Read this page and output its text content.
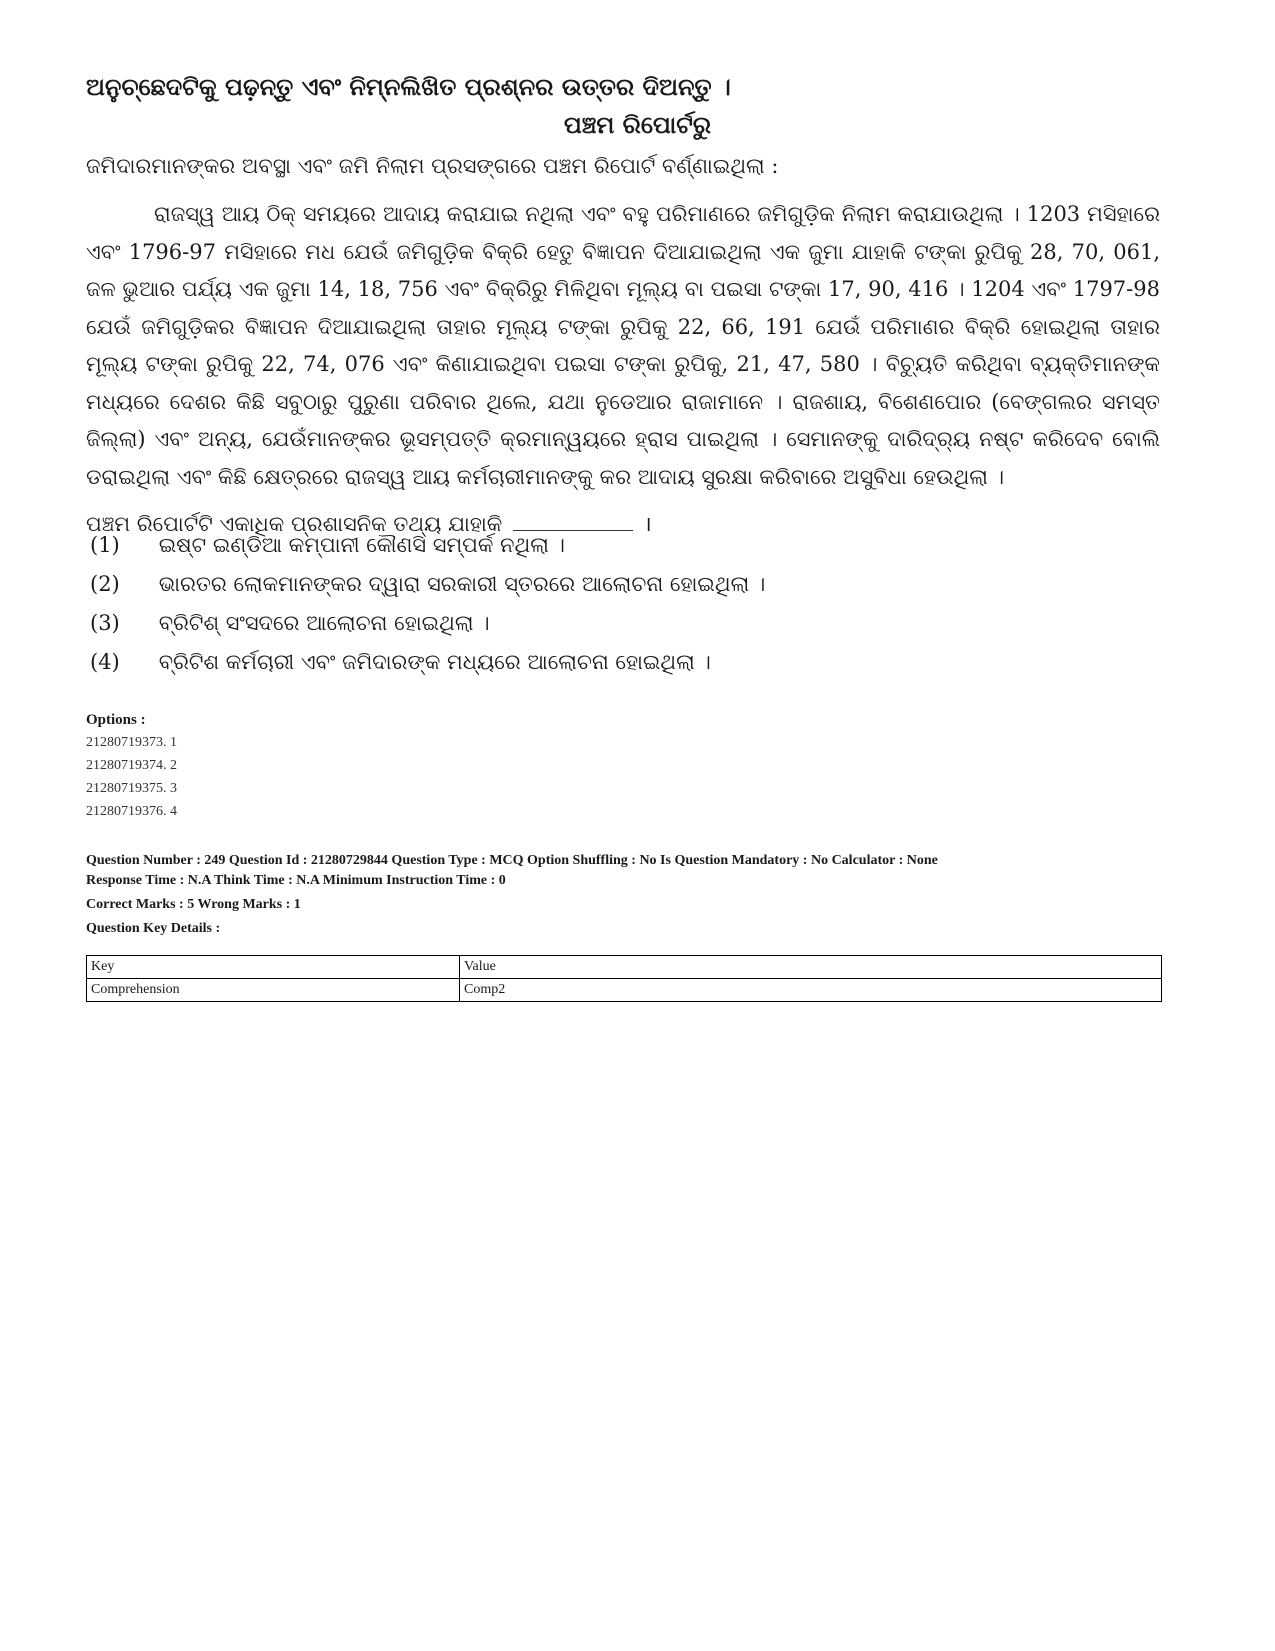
ଅନୁଚ୍ଛେଦଟିକୁ ପଢ଼ନ୍ତୁ ଏବଂ ନିମ୍ନଲିଖିତ ପ୍ରଶ୍ନର ଉତ୍ତର ଦିଅନ୍ତୁ ।
ପଞ୍ଚମ ରିପୋର୍ଟରୁ
ଜମିଦାରମାନଙ୍କର ଅବସ୍ଥା ଏବଂ ଜମି ନିଲାମ ପ୍ରସଙ୍ଗରେ ପଞ୍ଚମ ରିପୋର୍ଟ ବର୍ଣ୍ଣାଇଥିଲା :
ରାଜସ୍ୱ ଆୟ ଠିକ୍ ସମୟରେ ଆଦାୟ କରାଯାଇ ନଥିଲା ଏବଂ ବହୁ ପରିମାଣରେ ଜମିଗୁଡ଼ିକ ନିଲାମ କରାଯାଉଥିଲା । 1203 ମସିହାରେ ଏବଂ 1796-97 ମସିହାରେ ମଧ ଯେଉଁ ଜମିଗୁଡ଼ିକ ବିକ୍ରି ହେତୁ ବିଜ୍ଞାପନ ଦିଆଯାଇଥିଲା ଏକ ଜୁମା ଯାହାକି ଟଙ୍କା ରୁପିକୁ 28, 70, 061, ଜଳ ଭୁଆର ପର୍ଯ୍ୟ ଏକ ଜୁମା 14, 18, 756 ଏବଂ ବିକ୍ରିରୁ ମିଳିଥିବା ମୂଲ୍ୟ ବା ପଇସା ଟଙ୍କା 17, 90, 416 । 1204 ଏବଂ 1797-98 ଯେଉଁ ଜମିଗୁଡ଼ିକର ବିଜ୍ଞାପନ ଦିଆଯାଇଥିଲା ତାହାର ମୂଲ୍ୟ ଟଙ୍କା ରୁପିକୁ 22, 66, 191 ଯେଉଁ ପରିମାଣର ବିକ୍ରି ହୋଇଥିଲା ତାହାର ମୂଲ୍ୟ ଟଙ୍କା ରୁପିକୁ 22, 74, 076 ଏବଂ କିଣାଯାଇଥିବା ପଇସା ଟଙ୍କା ରୁପିକୁ, 21, 47, 580 । ବିଚ୍ୟୁତି କରିଥିବା ବ୍ୟକ୍ତିମାନଙ୍କ ମଧ୍ୟରେ ଦେଶର କିଛି ସବୁଠାରୁ ପୁରୁଣା ପରିବାର ଥିଲେ, ଯଥା ନୁଡେଆର ରାଜାମାନେ । ରାଜଶାୟ, ବିଶେଣପୋର (ବେଙ୍ଗଲର ସମସ୍ତ ଜିଲ୍ଲା) ଏବଂ ଅନ୍ୟ, ଯେଉଁମାନଙ୍କର ଭୂସମ୍ପତ୍ତି କ୍ରମାନ୍ୱୟରେ ହ୍ରାସ ପାଇଥିଲା । ସେମାନଙ୍କୁ ଦାରିଦ୍ର୍ୟ ନଷ୍ଟ କରିଦେବ ବୋଲି ଡରାଇଥିଲା ଏବଂ କିଛି କ୍ଷେତ୍ରରେ ରାଜସ୍ୱ ଆୟ କର୍ମଚାରୀମାନଙ୍କୁ କର ଆଦାୟ ସୁରକ୍ଷା କରିବାରେ ଅସୁବିଧା ହେଉଥିଲା ।
ପଞ୍ଚମ ରିପୋର୍ଟଟି ଏକାଧିକ ପ୍ରଶାସନିକ ତଥ୍ୟ ଯାହାକି	।
(1) ଇଷ୍ଟ ଇଣ୍ଡିଆ କମ୍ପାନୀ କୌଣସି ସମ୍ପର୍କ ନଥିଲା ।
(2) ଭାରତର ଲୋକମାନଙ୍କର ଦ୍ୱାରା ସରକାରୀ ସ୍ତରରେ ଆଲୋଚନା ହୋଇଥିଲା ।
(3) ବ୍ରିଟିଶ୍ ସଂସଦରେ ଆଲୋଚନା ହୋଇଥିଲା ।
(4) ବ୍ରିଟିଶ କର୍ମଚାରୀ ଏବଂ ଜମିଦାରଙ୍କ ମଧ୍ୟରେ ଆଲୋଚନା ହୋଇଥିଲା ।
Options :
21280719373. 1
21280719374. 2
21280719375. 3
21280719376. 4
Question Number : 249 Question Id : 21280729844 Question Type : MCQ Option Shuffling : No Is Question Mandatory : No Calculator : None
Response Time : N.A Think Time : N.A Minimum Instruction Time : 0
Correct Marks : 5 Wrong Marks : 1
Question Key Details :
Key	Value
Comprehension	Comp2
